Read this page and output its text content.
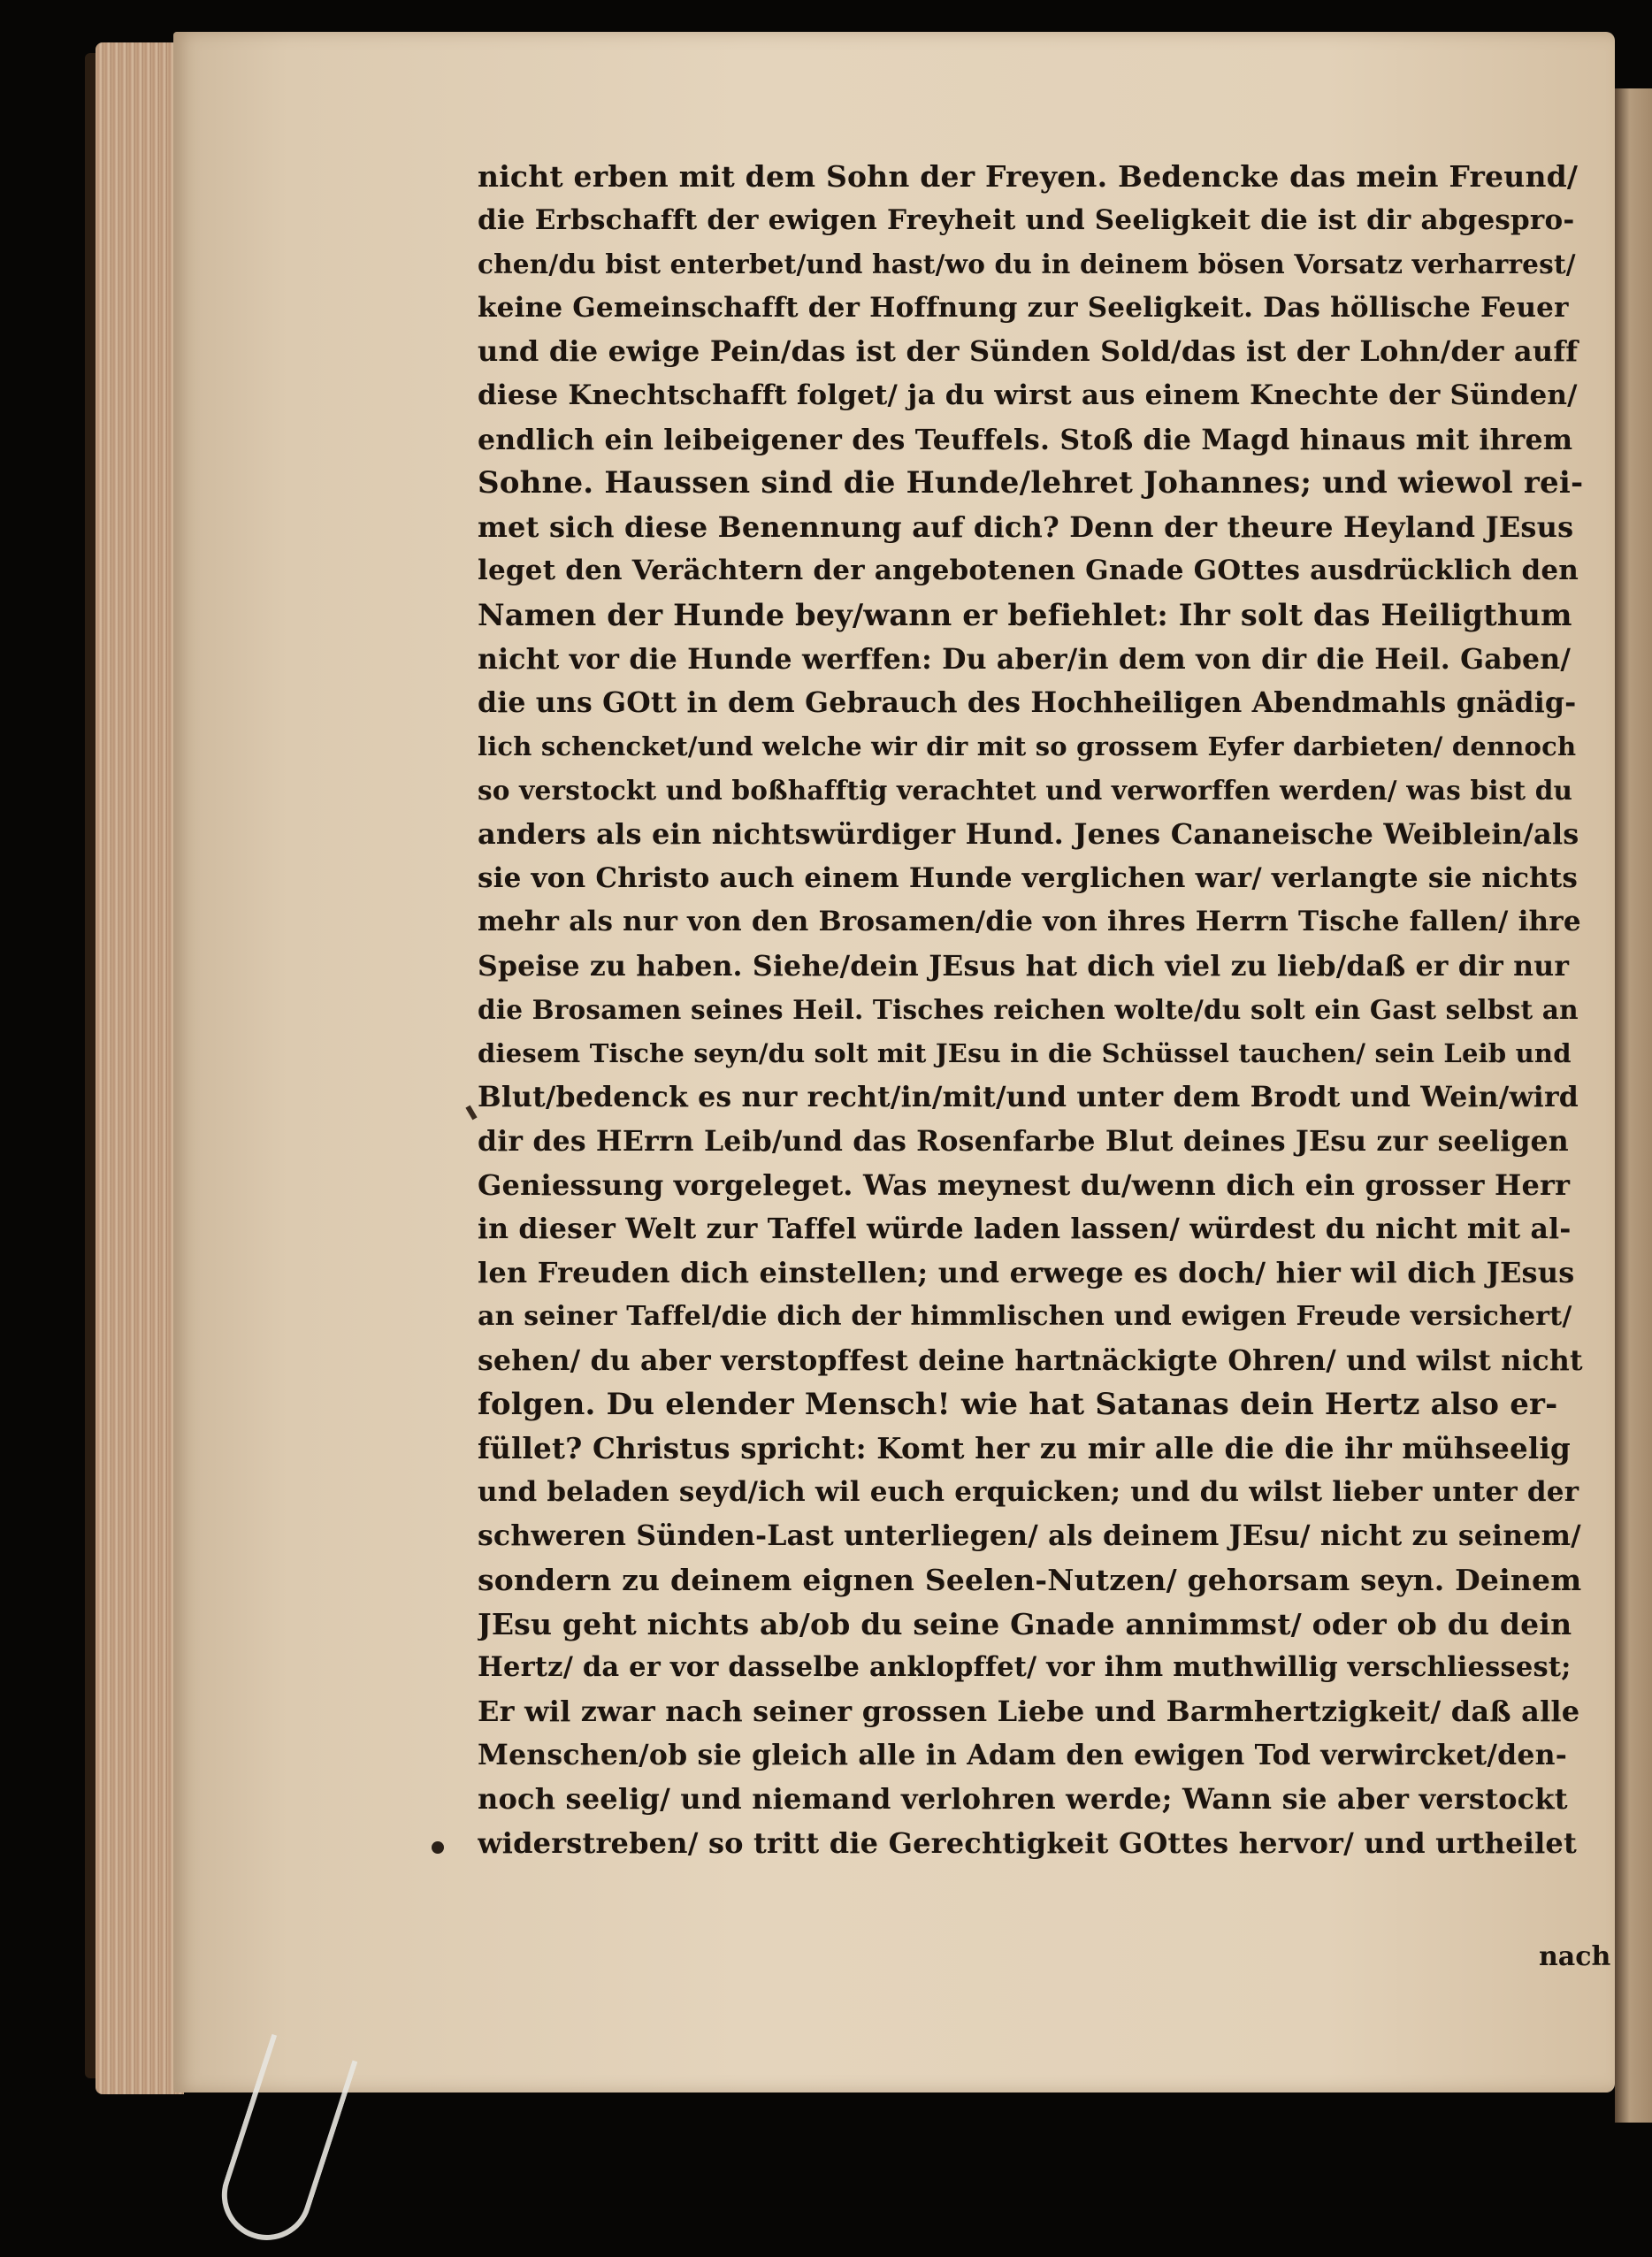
nicht erben mit dem Sohn der Freyen. Bedencke das mein Freund/
die Erbschafft der ewigen Freyheit und Seeligkeit die ist dir abgespro-
chen/du bist enterbet/und hast/wo du in deinem bösen Vorsatz verharrest/
keine Gemeinschafft der Hoffnung zur Seeligkeit. Das höllische Feuer
und die ewige Pein/das ist der Sünden Sold/das ist der Lohn/der auff
diese Knechtschafft folget/ ja du wirst aus einem Knechte der Sünden/
endlich ein leibeigener des Teuffels. Stoß die Magd hinaus mit ihrem
Sohne. Haussen sind die Hunde/lehret Johannes; und wiewol rei-
met sich diese Benennung auf dich? Denn der theure Heyland JEsus
leget den Verächtern der angebotenen Gnade GOttes ausdrücklich den
Namen der Hunde bey/wann er befiehlet: Ihr solt das Heiligthum
nicht vor die Hunde werffen: Du aber/in dem von dir die Heil. Gaben/
die uns GOtt in dem Gebrauch des Hochheiligen Abendmahls gnädig-
lich schencket/und welche wir dir mit so grossem Eyfer darbieten/ dennoch
so verstockt und boßhafftig verachtet und verworffen werden/ was bist du
anders als ein nichtswürdiger Hund. Jenes Cananeische Weiblein/als
sie von Christo auch einem Hunde verglichen war/ verlangte sie nichts
mehr als nur von den Brosamen/die von ihres Herrn Tische fallen/ ihre
Speise zu haben. Siehe/dein JEsus hat dich viel zu lieb/daß er dir nur
die Brosamen seines Heil. Tisches reichen wolte/du solt ein Gast selbst an
diesem Tische seyn/du solt mit JEsu in die Schüssel tauchen/ sein Leib und
Blut/bedenck es nur recht/in/mit/und unter dem Brodt und Wein/wird
dir des HErrn Leib/und das Rosenfarbe Blut deines JEsu zur seeligen
Geniessung vorgeleget. Was meynest du/wenn dich ein grosser Herr
in dieser Welt zur Taffel würde laden lassen/ würdest du nicht mit al-
len Freuden dich einstellen; und erwege es doch/ hier wil dich JEsus
an seiner Taffel/die dich der himmlischen und ewigen Freude versichert/
sehen/ du aber verstopffest deine hartnäckigte Ohren/ und wilst nicht
folgen. Du elender Mensch! wie hat Satanas dein Hertz also er-
füllet? Christus spricht: Komt her zu mir alle die die ihr mühseelig
und beladen seyd/ich wil euch erquicken; und du wilst lieber unter der
schweren Sünden-Last unterliegen/ als deinem JEsu/ nicht zu seinem/
sondern zu deinem eignen Seelen-Nutzen/ gehorsam seyn. Deinem
JEsu geht nichts ab/ob du seine Gnade annimmst/ oder ob du dein
Hertz/ da er vor dasselbe anklopffet/ vor ihm muthwillig verschliessest;
Er wil zwar nach seiner grossen Liebe und Barmhertzigkeit/ daß alle
Menschen/ob sie gleich alle in Adam den ewigen Tod verwircket/den-
noch seelig/ und niemand verlohren werde; Wann sie aber verstockt
widerstreben/ so tritt die Gerechtigkeit GOttes hervor/ und urtheilet
nach
